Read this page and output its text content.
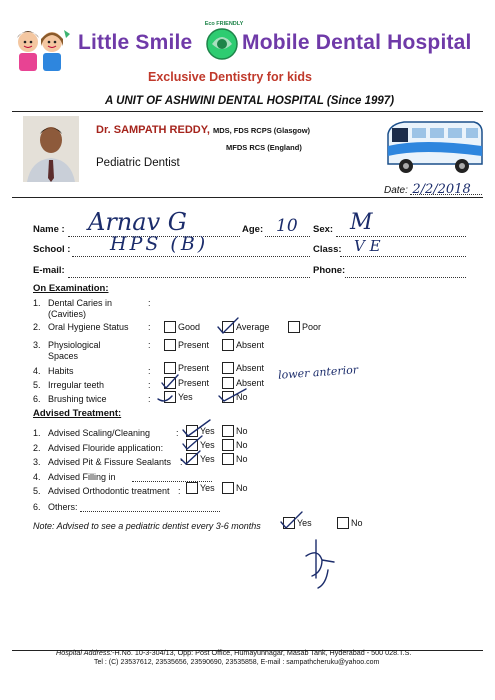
Little Smile
Eco FRIENDLY
Mobile Dental Hospital
Exclusive Dentistry for kids
A UNIT OF ASHWINI DENTAL HOSPITAL (Since 1997)
Dr. SAMPATH REDDY, MDS, FDS RCPS (Glasgow)
MFDS RCS (England)
Pediatric Dentist
Date: 2/2/2018
Name : Arnav G	Age: 10 Sex: M
School : HPS (B)	Class: V E
E-mail:	Phone:
On Examination:
1. Dental Caries in
(Cavities)
:
2. Oral Hygiene Status :	Good	Average	Poor
3. Physiological
Spaces
:	Present	Absent
4. Habits	:	Present	Absent
5. Irregular teeth	:	Present	Absent
lower anterior
6. Brushing twice	:	Yes	No
Advised Treatment:
1. Advised Scaling/Cleaning	: Yes No
2. Advised Flouride application:	Yes No
3. Advised Pit & Fissure Sealants : Yes No
4. Advised Filling in
5. Advised Orthodontic treatment : Yes No
6. Others:
Note: Advised to see a pediatric dentist every 3-6 months	Yes	No
Hospital Address:-H.No. 10-3-304/13, Opp: Post Office, Humayunnagar, Masab Tank, Hyderabad - 500 028.T.S.
Tel : (C) 23537612, 23535656, 23590690, 23535858, E-mail : sampathcheruku@yahoo.com
